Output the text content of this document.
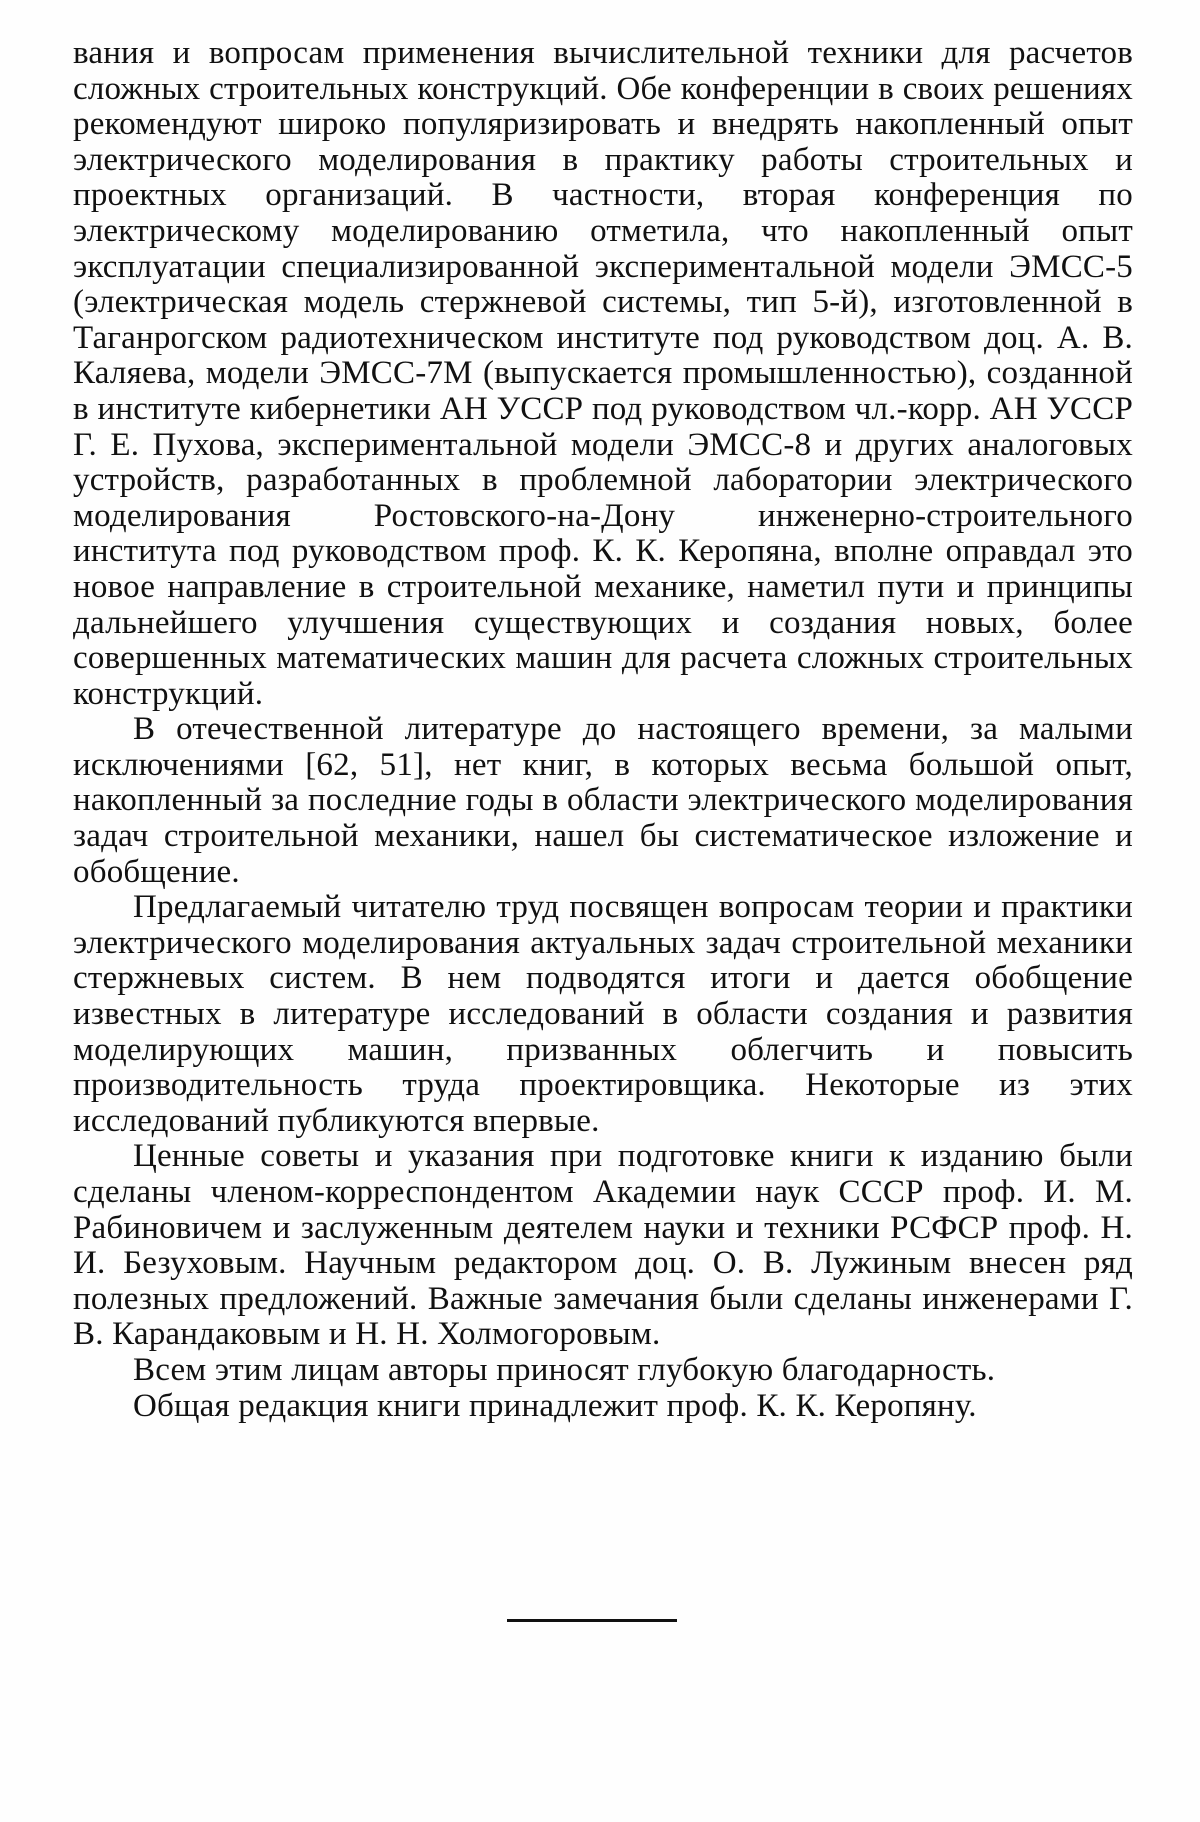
вания и вопросам применения вычислительной техники для расчетов сложных строительных конструкций. Обе конференции в своих решениях рекомендуют широко популяризировать и внедрять накопленный опыт электрического моделирования в практику работы строительных и проектных организаций. В частности, вторая конференция по электрическому моделированию отметила, что накопленный опыт эксплуатации специализированной экспериментальной модели ЭМСС-5 (электрическая модель стержневой системы, тип 5-й), изготовленной в Таганрогском радиотехническом институте под руководством доц. А. В. Каляева, модели ЭМСС-7М (выпускается промышленностью), созданной в институте кибернетики АН УССР под руководством чл.-корр. АН УССР Г. Е. Пухова, экспериментальной модели ЭМСС-8 и других аналоговых устройств, разработанных в проблемной лаборатории электрического моделирования Ростовского-на-Дону инженерно-строительного института под руководством проф. К. К. Керопяна, вполне оправдал это новое направление в строительной механике, наметил пути и принципы дальнейшего улучшения существующих и создания новых, более совершенных математических машин для расчета сложных строительных конструкций.

В отечественной литературе до настоящего времени, за малыми исключениями [62, 51], нет книг, в которых весьма большой опыт, накопленный за последние годы в области электрического моделирования задач строительной механики, нашел бы систематическое изложение и обобщение.

Предлагаемый читателю труд посвящен вопросам теории и практики электрического моделирования актуальных задач строительной механики стержневых систем. В нем подводятся итоги и дается обобщение известных в литературе исследований в области создания и развития моделирующих машин, призванных облегчить и повысить производительность труда проектировщика. Некоторые из этих исследований публикуются впервые.

Ценные советы и указания при подготовке книги к изданию были сделаны членом-корреспондентом Академии наук СССР проф. И. М. Рабиновичем и заслуженным деятелем науки и техники РСФСР проф. Н. И. Безуховым. Научным редактором доц. О. В. Лужиным внесен ряд полезных предложений. Важные замечания были сделаны инженерами Г. В. Карандаковым и Н. Н. Холмогоровым.

Всем этим лицам авторы приносят глубокую благодарность.

Общая редакция книги принадлежит проф. К. К. Керопяну.
